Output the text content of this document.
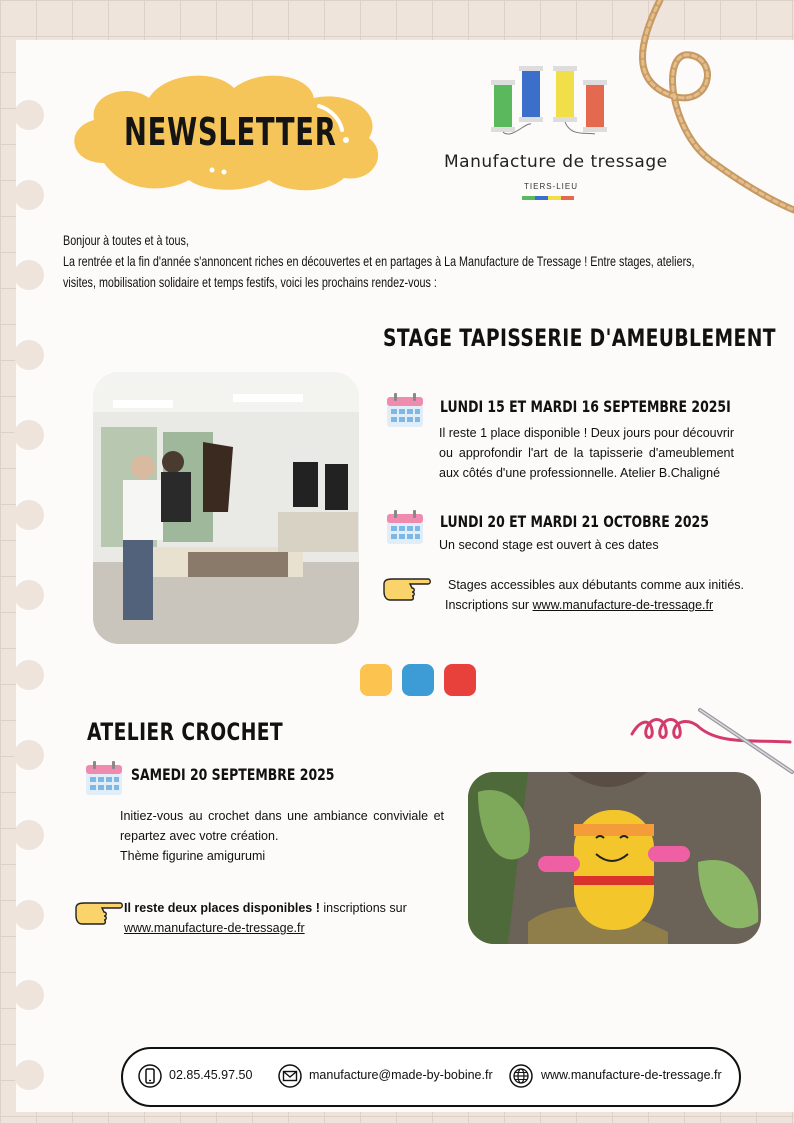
NEWSLETTER
Manufacture de tressage
TIERS-LIEU
Bonjour à toutes et à tous,
La rentrée et la fin d'année s'annoncent riches en découvertes et en partages à La Manufacture de Tressage ! Entre stages, ateliers,
visites, mobilisation solidaire et temps festifs, voici les prochains rendez-vous :
STAGE TAPISSERIE D'AMEUBLEMENT
LUNDI 15 ET MARDI 16 SEPTEMBRE 2025I
Il reste 1 place disponible ! Deux jours pour découvrir ou approfondir l'art de la tapisserie d'ameublement aux côtés d'une professionnelle. Atelier B.Chaligné
LUNDI 20 ET MARDI 21 OCTOBRE 2025
Un second stage est ouvert à ces dates
Stages accessibles aux débutants comme aux initiés.
Inscriptions sur www.manufacture-de-tressage.fr
ATELIER CROCHET
SAMEDI 20 SEPTEMBRE 2025
Initiez-vous au crochet dans une ambiance conviviale et repartez avec votre création.
Thème figurine amigurumi
Il reste deux places disponibles ! inscriptions sur
www.manufacture-de-tressage.fr
02.85.45.97.50	manufacture@made-by-bobine.fr	www.manufacture-de-tressage.fr
